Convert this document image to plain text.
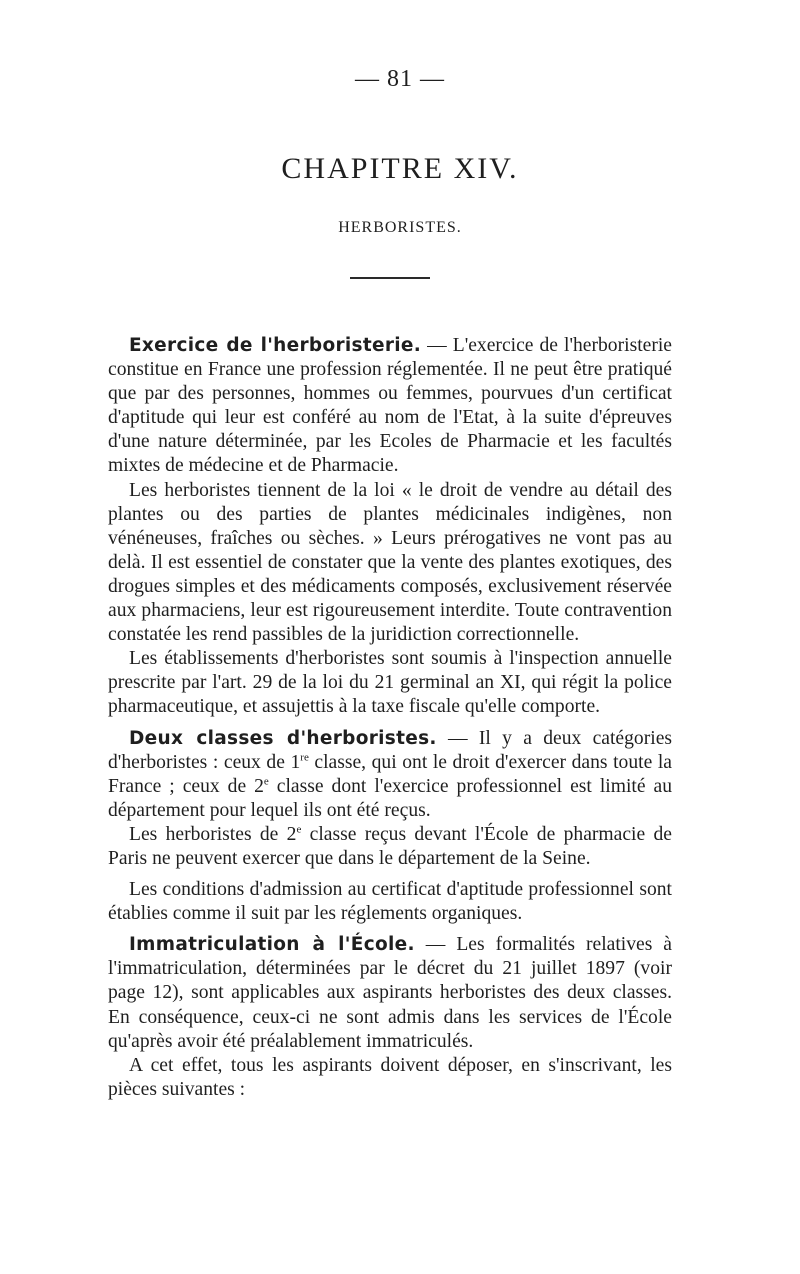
— 81 —
CHAPITRE XIV.
HERBORISTES.

Exercice de l'herboristerie. — L'exercice de l'herboristerie constitue en France une profession réglementée. Il ne peut être pratiqué que par des personnes, hommes ou femmes, pourvues d'un certificat d'aptitude qui leur est conféré au nom de l'Etat, à la suite d'épreuves d'une nature déterminée, par les Ecoles de Pharmacie et les facultés mixtes de médecine et de Pharmacie.

Les herboristes tiennent de la loi « le droit de vendre au détail des plantes ou des parties de plantes médicinales indigènes, non vénéneuses, fraîches ou sèches. » Leurs prérogatives ne vont pas au delà. Il est essentiel de constater que la vente des plantes exotiques, des drogues simples et des médicaments composés, exclusivement réservée aux pharmaciens, leur est rigoureusement interdite. Toute contravention constatée les rend passibles de la juridiction correctionnelle.

Les établissements d'herboristes sont soumis à l'inspection annuelle prescrite par l'art. 29 de la loi du 21 germinal an XI, qui régit la police pharmaceutique, et assujettis à la taxe fiscale qu'elle comporte.

Deux classes d'herboristes. — Il y a deux catégories d'herboristes : ceux de 1re classe, qui ont le droit d'exercer dans toute la France ; ceux de 2e classe dont l'exercice professionnel est limité au département pour lequel ils ont été reçus.

Les herboristes de 2e classe reçus devant l'École de pharmacie de Paris ne peuvent exercer que dans le département de la Seine.

Les conditions d'admission au certificat d'aptitude professionnel sont établies comme il suit par les réglements organiques.

Immatriculation à l'École. — Les formalités relatives à l'immatriculation, déterminées par le décret du 21 juillet 1897 (voir page 12), sont applicables aux aspirants herboristes des deux classes. En conséquence, ceux-ci ne sont admis dans les services de l'École qu'après avoir été préalablement immatriculés.

A cet effet, tous les aspirants doivent déposer, en s'inscrivant, les pièces suivantes :
